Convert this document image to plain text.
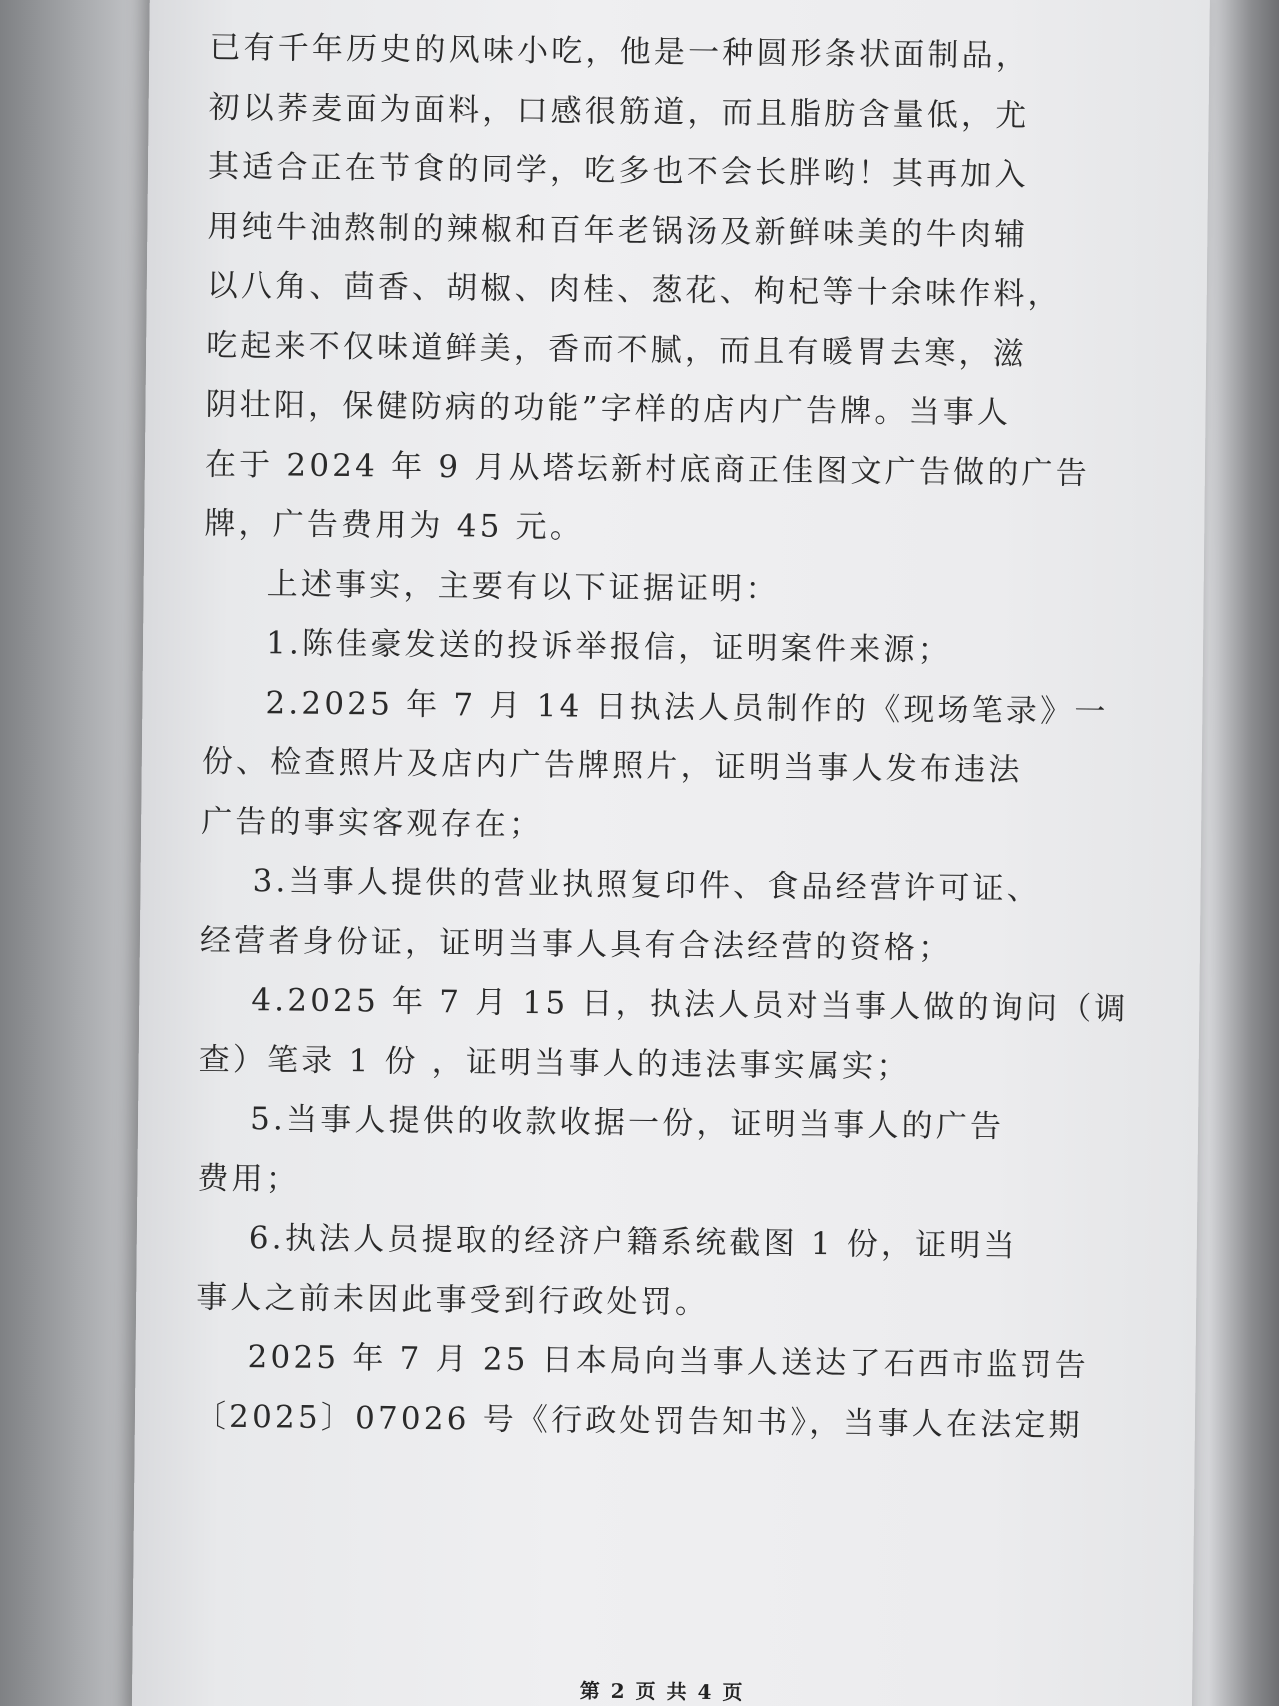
已有千年历史的风味小吃，他是一种圆形条状面制品，
初以荞麦面为面料，口感很筋道，而且脂肪含量低，尤
其适合正在节食的同学，吃多也不会长胖哟！其再加入
用纯牛油熬制的辣椒和百年老锅汤及新鲜味美的牛肉辅
以八角、茴香、胡椒、肉桂、葱花、枸杞等十余味作料，
吃起来不仅味道鲜美，香而不腻，而且有暖胃去寒，滋
阴壮阳，保健防病的功能”字样的店内广告牌。当事人
在于 2024 年 9 月从塔坛新村底商正佳图文广告做的广告
牌，广告费用为 45 元。
上述事实，主要有以下证据证明：
1.陈佳豪发送的投诉举报信，证明案件来源；
2.2025 年 7 月 14 日执法人员制作的《现场笔录》一
份、检查照片及店内广告牌照片，证明当事人发布违法
广告的事实客观存在；
3.当事人提供的营业执照复印件、食品经营许可证、
经营者身份证，证明当事人具有合法经营的资格；
4.2025 年 7 月 15 日，执法人员对当事人做的询问（调
查）笔录 1 份 ，证明当事人的违法事实属实；
5.当事人提供的收款收据一份，证明当事人的广告
费用；
6.执法人员提取的经济户籍系统截图 1 份，证明当
事人之前未因此事受到行政处罚。
2025 年 7 月 25 日本局向当事人送达了石西市监罚告
〔2025〕07026 号《行政处罚告知书》，当事人在法定期
第 2 页 共 4 页
